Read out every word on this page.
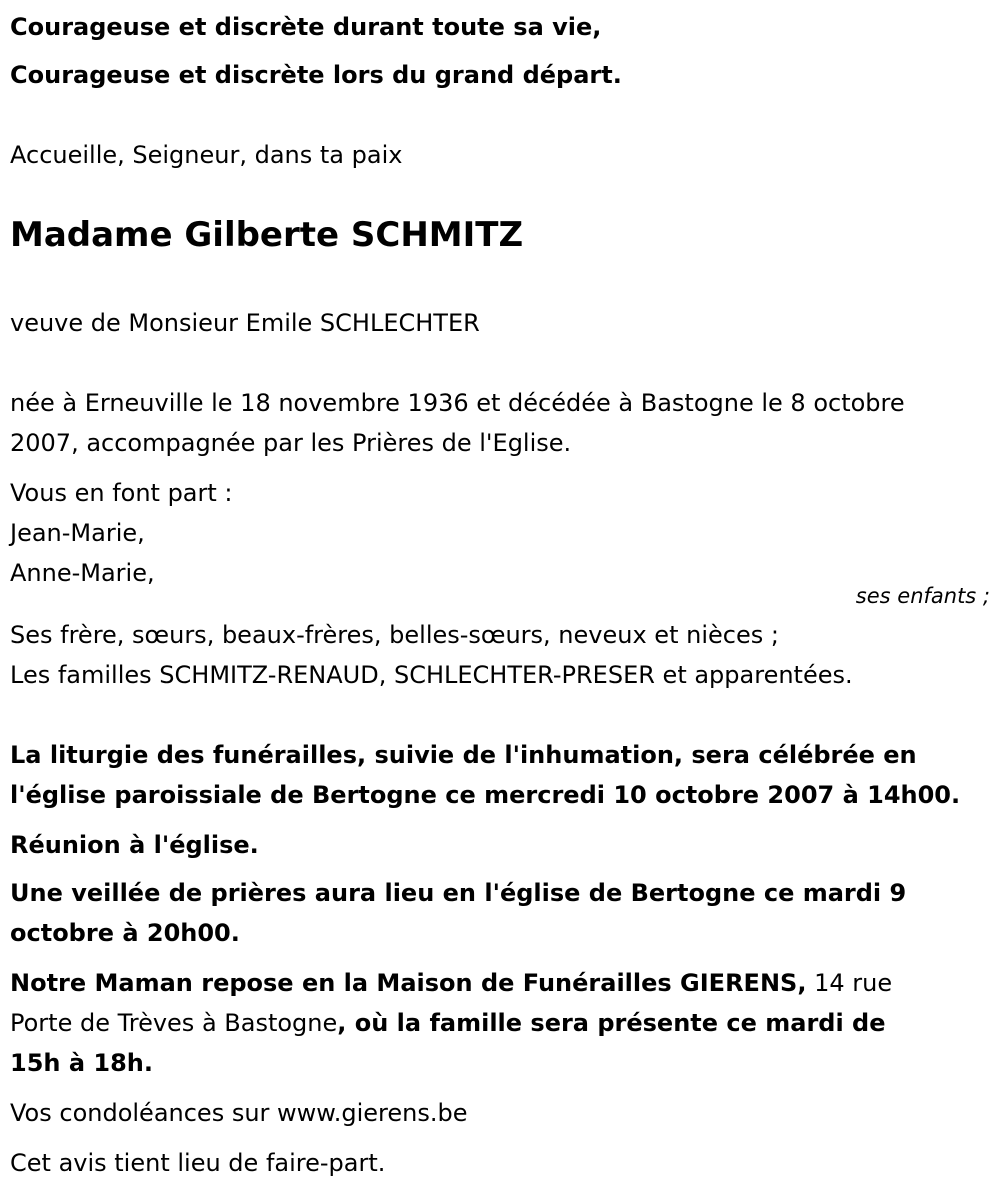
Courageuse et discrète durant toute sa vie,
Courageuse et discrète lors du grand départ.
Accueille, Seigneur, dans ta paix
Madame Gilberte SCHMITZ
veuve de Monsieur Emile SCHLECHTER
née à Erneuville le 18 novembre 1936 et décédée à Bastogne le 8 octobre
2007, accompagnée par les Prières de l'Eglise.
Vous en font part :
Jean-Marie,
Anne-Marie,
ses enfants ;
Ses frère, sœurs, beaux-frères, belles-sœurs, neveux et nièces ;
Les familles SCHMITZ-RENAUD, SCHLECHTER-PRESER et apparentées.
La liturgie des funérailles, suivie de l'inhumation, sera célébrée en
l'église paroissiale de Bertogne ce mercredi 10 octobre 2007 à 14h00.
Réunion à l'église.
Une veillée de prières aura lieu en l'église de Bertogne ce mardi 9
octobre à 20h00.
Notre Maman repose en la Maison de Funérailles GIERENS, 14 rue
Porte de Trèves à Bastogne, où la famille sera présente ce mardi de
15h à 18h.
Vos condoléances sur www.gierens.be
Cet avis tient lieu de faire-part.
